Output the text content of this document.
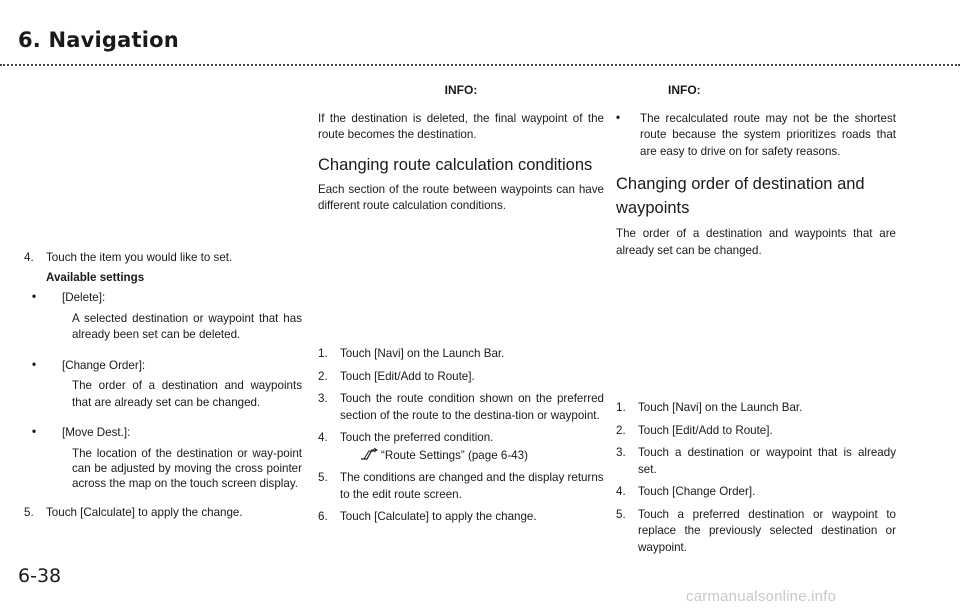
6. Navigation
4. Touch the item you would like to set.
Available settings
• [Delete]:
A selected destination or waypoint that has already been set can be deleted.
• [Change Order]:
The order of a destination and waypoints that are already set can be changed.
• [Move Dest.]:
The location of the destination or way-point can be adjusted by moving the cross pointer across the map on the touch screen display.
5. Touch [Calculate] to apply the change.
INFO:

If the destination is deleted, the final waypoint of the route becomes the destination.

Changing route calculation conditions

Each section of the route between waypoints can have different route calculation conditions.

1. Touch [Navi] on the Launch Bar.
2. Touch [Edit/Add to Route].
3. Touch the route condition shown on the preferred section of the route to the destina-tion or waypoint.
4. Touch the preferred condition.
“Route Settings” (page 6-43)
5. The conditions are changed and the display returns to the edit route screen.
6. Touch [Calculate] to apply the change.
INFO:
• The recalculated route may not be the shortest route because the system prioritizes roads that are easy to drive on for safety reasons.
Changing order of destination and waypoints

The order of a destination and waypoints that are already set can be changed.

1. Touch [Navi] on the Launch Bar.
2. Touch [Edit/Add to Route].
3. Touch a destination or waypoint that is already set.
4. Touch [Change Order].
5. Touch a preferred destination or waypoint to replace the previously selected destination or waypoint.
6-38
carmanualsonline.info
